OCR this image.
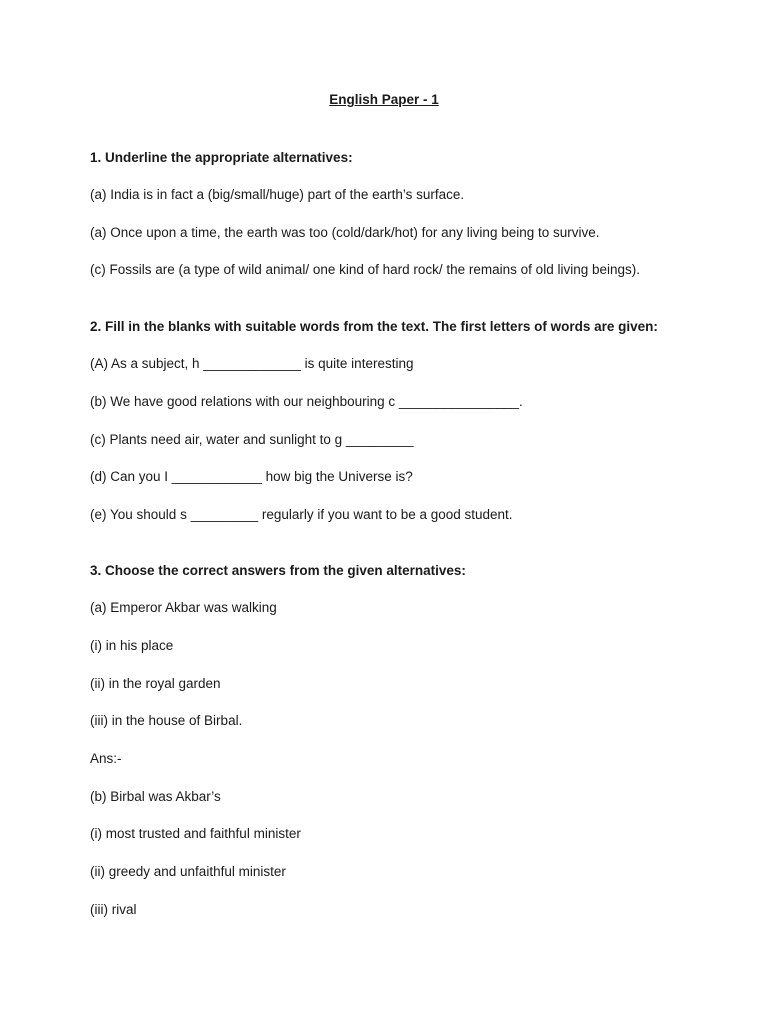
English Paper - 1
1. Underline the appropriate alternatives:
(a) India is in fact a (big/small/huge) part of the earth’s surface.
(a) Once upon a time, the earth was too (cold/dark/hot) for any living being to survive.
(c) Fossils are (a type of wild animal/ one kind of hard rock/ the remains of old living beings).
2. Fill in the blanks with suitable words from the text. The first letters of words are given:
(A) As a subject, h _____________ is quite interesting
(b) We have good relations with our neighbouring c ________________.
(c) Plants need air, water and sunlight to g _________
(d) Can you I ____________ how big the Universe is?
(e) You should s _________ regularly if you want to be a good student.
3. Choose the correct answers from the given alternatives:
(a) Emperor Akbar was walking
(i) in his place
(ii) in the royal garden
(iii) in the house of Birbal.
Ans:-
(b) Birbal was Akbar’s
(i) most trusted and faithful minister
(ii) greedy and unfaithful minister
(iii) rival
